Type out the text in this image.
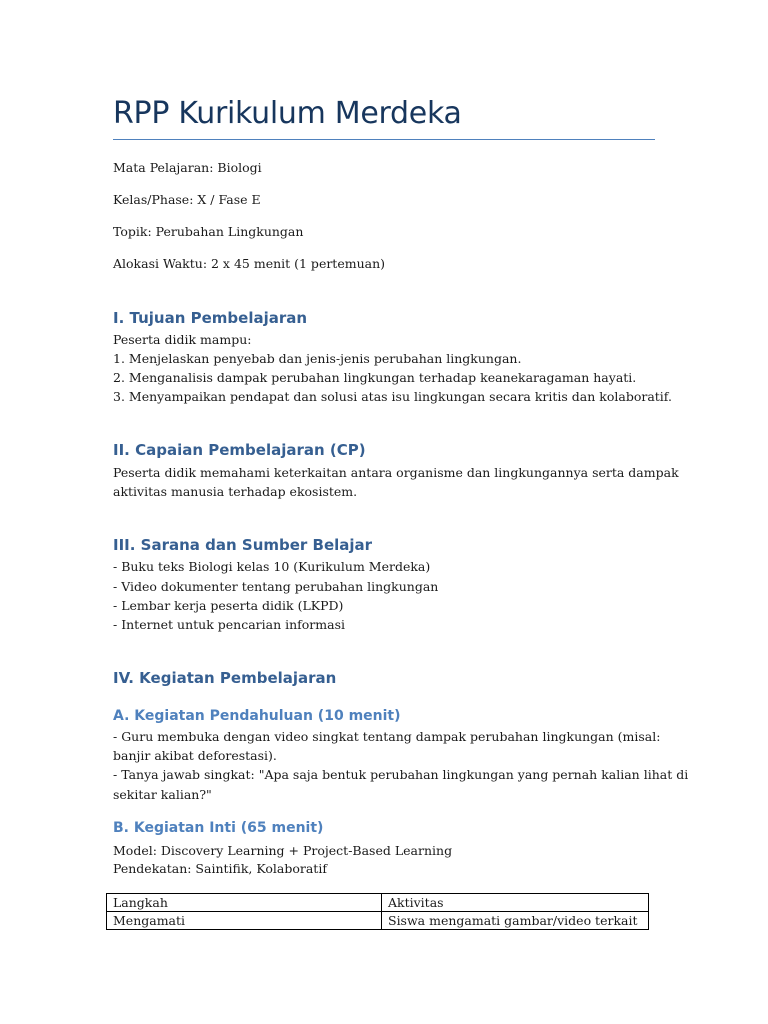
RPP Kurikulum Merdeka

Mata Pelajaran: Biologi

Kelas/Phase: X / Fase E

Topik: Perubahan Lingkungan

Alokasi Waktu: 2 x 45 menit (1 pertemuan)

I. Tujuan Pembelajaran

Peserta didik mampu:

1. Menjelaskan penyebab dan jenis-jenis perubahan lingkungan.

2. Menganalisis dampak perubahan lingkungan terhadap keanekaragaman hayati.

3. Menyampaikan pendapat dan solusi atas isu lingkungan secara kritis dan kolaboratif.

II. Capaian Pembelajaran (CP)

Peserta didik memahami keterkaitan antara organisme dan lingkungannya serta dampak

aktivitas manusia terhadap ekosistem.

III. Sarana dan Sumber Belajar

- Buku teks Biologi kelas 10 (Kurikulum Merdeka)

- Video dokumenter tentang perubahan lingkungan

- Lembar kerja peserta didik (LKPD)

- Internet untuk pencarian informasi

IV. Kegiatan Pembelajaran
A. Kegiatan Pendahuluan (10 menit)

- Guru membuka dengan video singkat tentang dampak perubahan lingkungan (misal:

banjir akibat deforestasi).

- Tanya jawab singkat: "Apa saja bentuk perubahan lingkungan yang pernah kalian lihat di

sekitar kalian?"

B. Kegiatan Inti (65 menit)

Model: Discovery Learning + Project-Based Learning

Pendekatan: Saintifik, Kolaboratif

Langkah	Aktivitas
Mengamati	Siswa mengamati gambar/video terkait
